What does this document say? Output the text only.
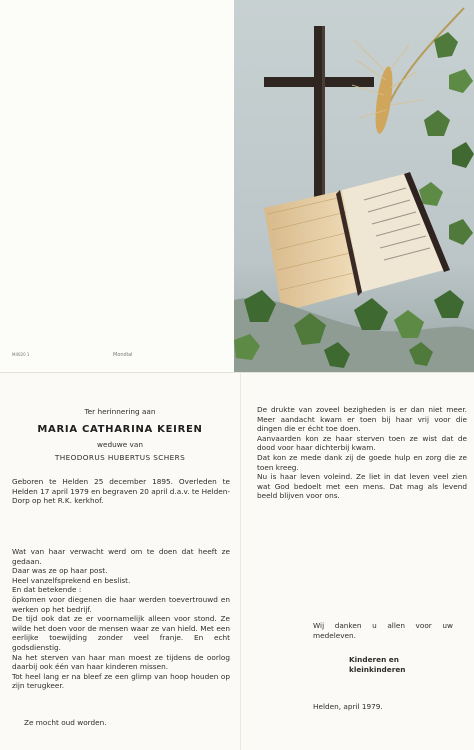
M4020 1	Mondial
Ter herinnering aan
MARIA CATHARINA KEIREN
weduwe van
THEODORUS HUBERTUS SCHERS
Geboren te Helden 25 december 1895. Overleden te Helden 17 april 1979 en begraven 20 april d.a.v. te Helden-Dorp op het R.K. kerkhof.
Wat van haar verwacht werd om te doen dat heeft ze gedaan.
Daar was ze op haar post.
Heel vanzelfsprekend en beslist.
En dat betekende :
öpkomen voor diegenen die haar werden toevertrouwd en werken op het bedrijf.
De tijd ook dat ze er voornamelijk alleen voor stond. Ze wilde het doen voor de mensen waar ze van hield. Met een eerlijke toewijding zonder veel franje. En echt godsdienstig.
Na het sterven van haar man moest ze tijdens de oorlog daarbij ook één van haar kinderen missen.
Tot heel lang er na bleef ze een glimp van hoop houden op zijn terugkeer.
Ze mocht oud worden.
De drukte van zoveel bezigheden is er dan niet meer. Meer aandacht kwam er toen bij haar vrij voor die dingen die er écht toe doen.
Aanvaarden kon ze haar sterven toen ze wist dat de dood voor haar dichterbij kwam.
Dat kon ze mede dank zij de goede hulp en zorg die ze toen kreeg.
Nu is haar leven voleind. Ze liet in dat leven veel zien wat God bedoelt met een mens. Dat mag als levend beeld blijven voor ons.
Wij danken u allen voor uw medeleven.
Kinderen en kleinkinderen
Helden, april 1979.
